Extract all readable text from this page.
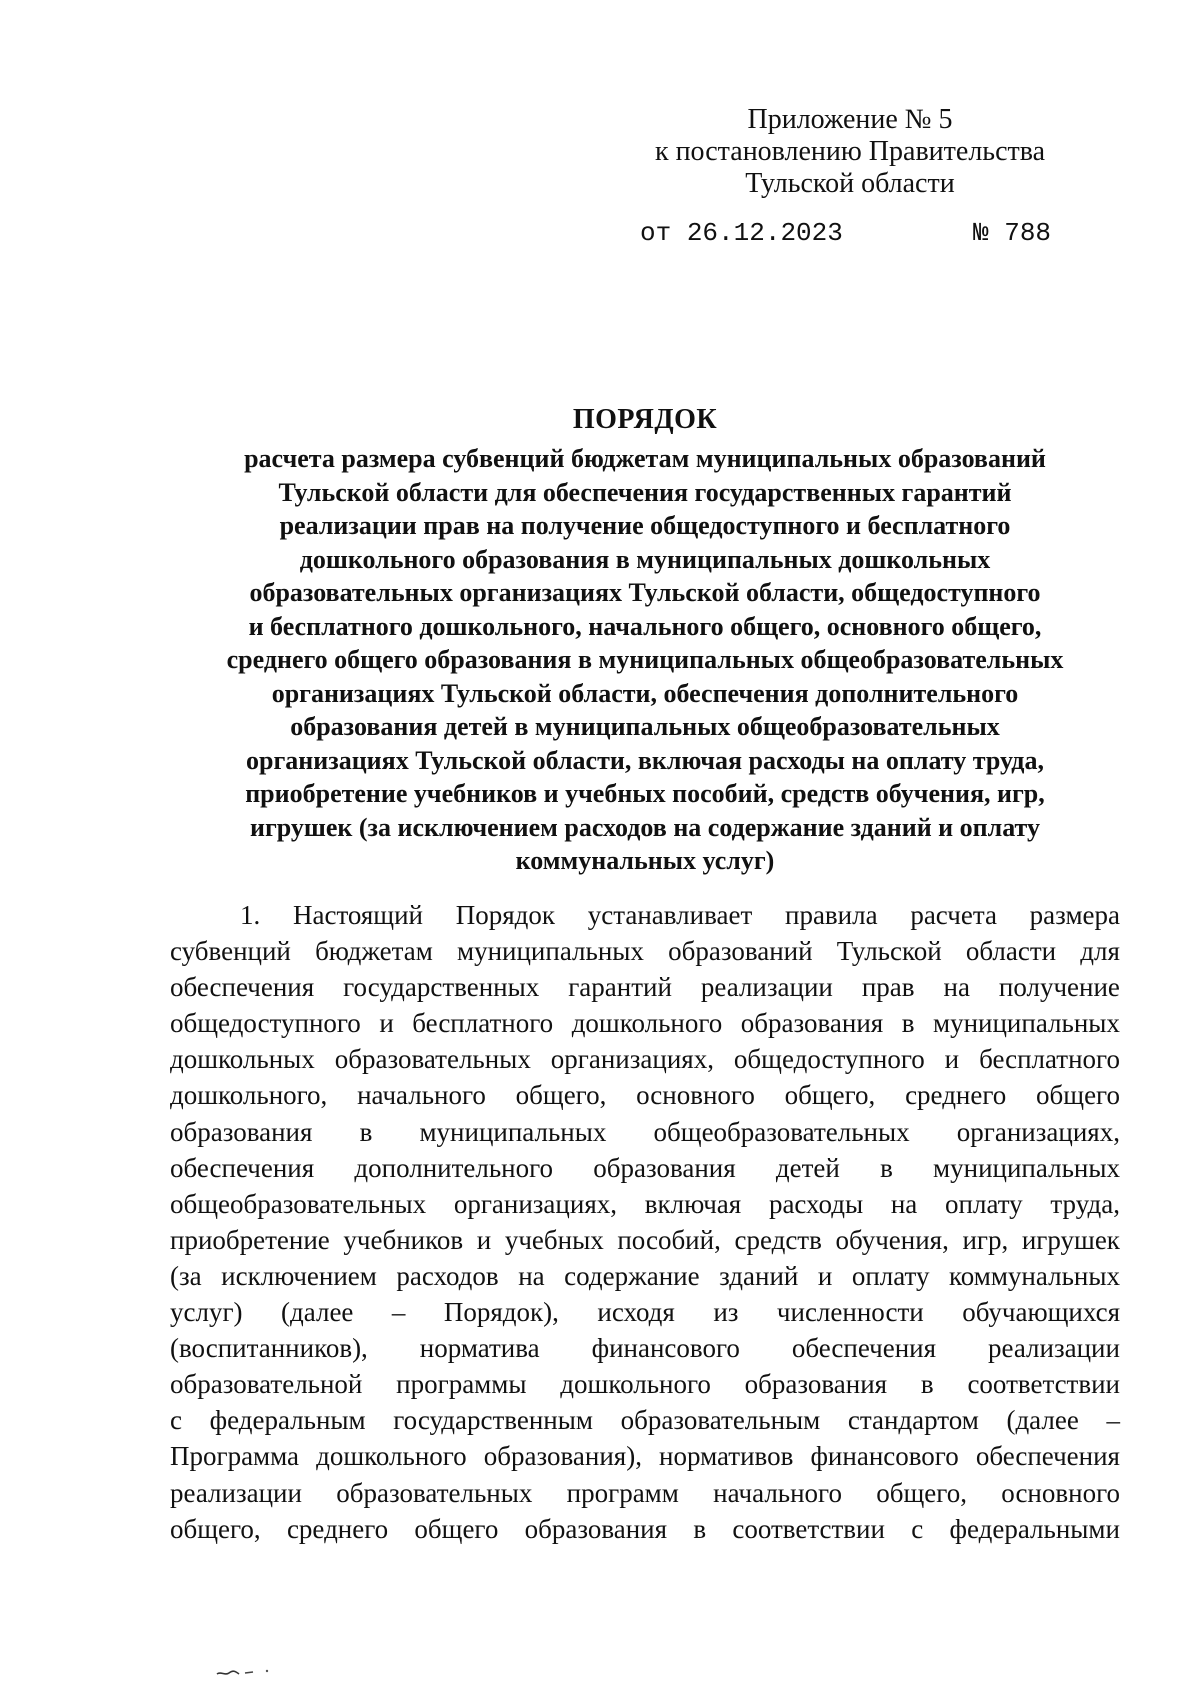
Приложение № 5
к постановлению Правительства
Тульской области
от 26.12.2023	№ 788
ПОРЯДОК
расчета размера субвенций бюджетам муниципальных образований
Тульской области для обеспечения государственных гарантий
реализации прав на получение общедоступного и бесплатного
дошкольного образования в муниципальных дошкольных
образовательных организациях Тульской области, общедоступного
и бесплатного дошкольного, начального общего, основного общего,
среднего общего образования в муниципальных общеобразовательных
организациях Тульской области, обеспечения дополнительного
образования детей в муниципальных общеобразовательных
организациях Тульской области, включая расходы на оплату труда,
приобретение учебников и учебных пособий, средств обучения, игр,
игрушек (за исключением расходов на содержание зданий и оплату
коммунальных услуг)
1. Настоящий Порядок устанавливает правила расчета размера
субвенций бюджетам муниципальных образований Тульской области для
обеспечения государственных гарантий реализации прав на получение
общедоступного и бесплатного дошкольного образования в муниципальных
дошкольных образовательных организациях, общедоступного и бесплатного
дошкольного, начального общего, основного общего, среднего общего
образования в муниципальных общеобразовательных организациях,
обеспечения дополнительного образования детей в муниципальных
общеобразовательных организациях, включая расходы на оплату труда,
приобретение учебников и учебных пособий, средств обучения, игр, игрушек
(за исключением расходов на содержание зданий и оплату коммунальных
услуг) (далее – Порядок), исходя из численности обучающихся
(воспитанников), норматива финансового обеспечения реализации
образовательной программы дошкольного образования в соответствии
с федеральным государственным образовательным стандартом (далее –
Программа дошкольного образования), нормативов финансового обеспечения
реализации образовательных программ начального общего, основного
общего, среднего общего образования в соответствии с федеральными
